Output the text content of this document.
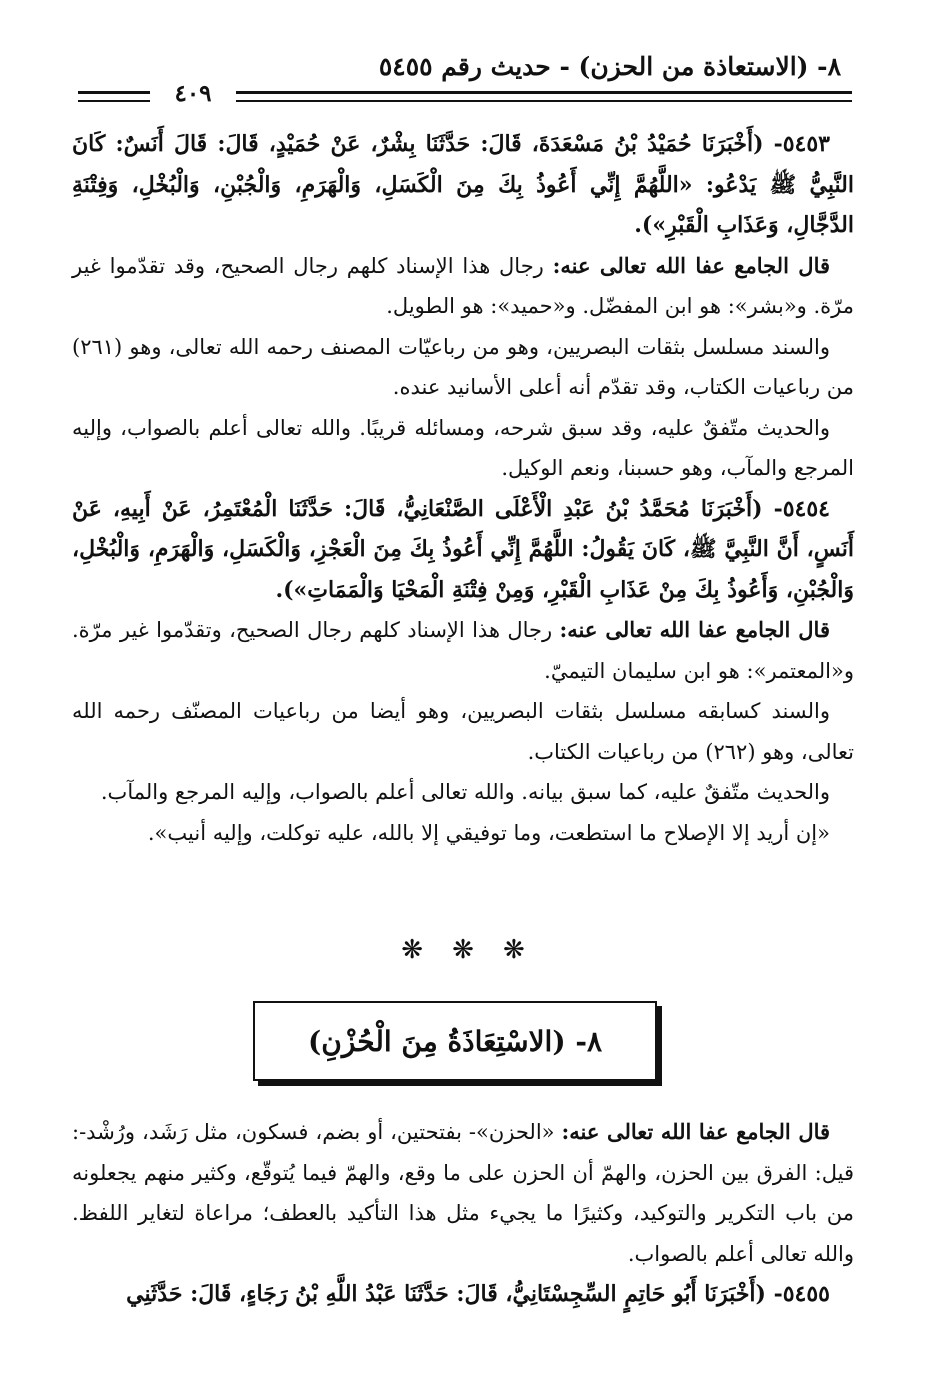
٨- (الاستعاذة من الحزن) - حديث رقم ٥٤٥٥
٤٠٩

٥٤٥٣- (أَخْبَرَنَا حُمَيْدُ بْنُ مَسْعَدَةَ، قَالَ: حَدَّثَنَا بِشْرٌ، عَنْ حُمَيْدٍ، قَالَ: قَالَ أَنَسٌ: كَانَ النَّبِيُّ ﷺ يَدْعُو: «اللَّهُمَّ إِنِّي أَعُوذُ بِكَ مِنَ الْكَسَلِ، وَالْهَرَمِ، وَالْجُبْنِ، وَالْبُخْلِ، وَفِتْنَةِ الدَّجَّالِ، وَعَذَابِ الْقَبْرِ»).

قال الجامع عفا الله تعالى عنه: رجال هذا الإسناد كلهم رجال الصحيح، وقد تقدّموا غير مرّة. و«بشر»: هو ابن المفضّل. و«حميد»: هو الطويل.

والسند مسلسل بثقات البصريين، وهو من رباعيّات المصنف رحمه الله تعالى، وهو (٢٦١) من رباعيات الكتاب، وقد تقدّم أنه أعلى الأسانيد عنده.

والحديث متّفقٌ عليه، وقد سبق شرحه، ومسائله قريبًا. والله تعالى أعلم بالصواب، وإليه المرجع والمآب، وهو حسبنا، ونعم الوكيل.

٥٤٥٤- (أَخْبَرَنَا مُحَمَّدُ بْنُ عَبْدِ الْأَعْلَى الصَّنْعَانِيُّ، قَالَ: حَدَّثَنَا الْمُعْتَمِرُ، عَنْ أَبِيهِ، عَنْ أَنَسٍ، أَنَّ النَّبِيَّ ﷺ، كَانَ يَقُولُ: اللَّهُمَّ إِنِّي أَعُوذُ بِكَ مِنَ الْعَجْزِ، وَالْكَسَلِ، وَالْهَرَمِ، وَالْبُخْلِ، وَالْجُبْنِ، وَأَعُوذُ بِكَ مِنْ عَذَابِ الْقَبْرِ، وَمِنْ فِتْنَةِ الْمَحْيَا وَالْمَمَاتِ»).

قال الجامع عفا الله تعالى عنه: رجال هذا الإسناد كلهم رجال الصحيح، وتقدّموا غير مرّة. و«المعتمر»: هو ابن سليمان التيميّ.

والسند كسابقه مسلسل بثقات البصريين، وهو أيضا من رباعيات المصنّف رحمه الله تعالى، وهو (٢٦٢) من رباعيات الكتاب.

والحديث متّفقٌ عليه، كما سبق بيانه. والله تعالى أعلم بالصواب، وإليه المرجع والمآب.

«إن أريد إلا الإصلاح ما استطعت، وما توفيقي إلا بالله، عليه توكلت، وإليه أنيب».

❋ ❋ ❋
٨- (الاسْتِعَاذَةُ مِنَ الْحُزْنِ)

قال الجامع عفا الله تعالى عنه: «الحزن»- بفتحتين، أو بضم، فسكون، مثل رَشَد، ورُشْد-: قيل: الفرق بين الحزن، والهمّ أن الحزن على ما وقع، والهمّ فيما يُتوقّع، وكثير منهم يجعلونه من باب التكرير والتوكيد، وكثيرًا ما يجيء مثل هذا التأكيد بالعطف؛ مراعاة لتغاير اللفظ. والله تعالى أعلم بالصواب.

٥٤٥٥- (أَخْبَرَنَا أَبُو حَاتِمٍ السِّجِسْتَانِيُّ، قَالَ: حَدَّثَنَا عَبْدُ اللَّهِ بْنُ رَجَاءٍ، قَالَ: حَدَّثَنِي
